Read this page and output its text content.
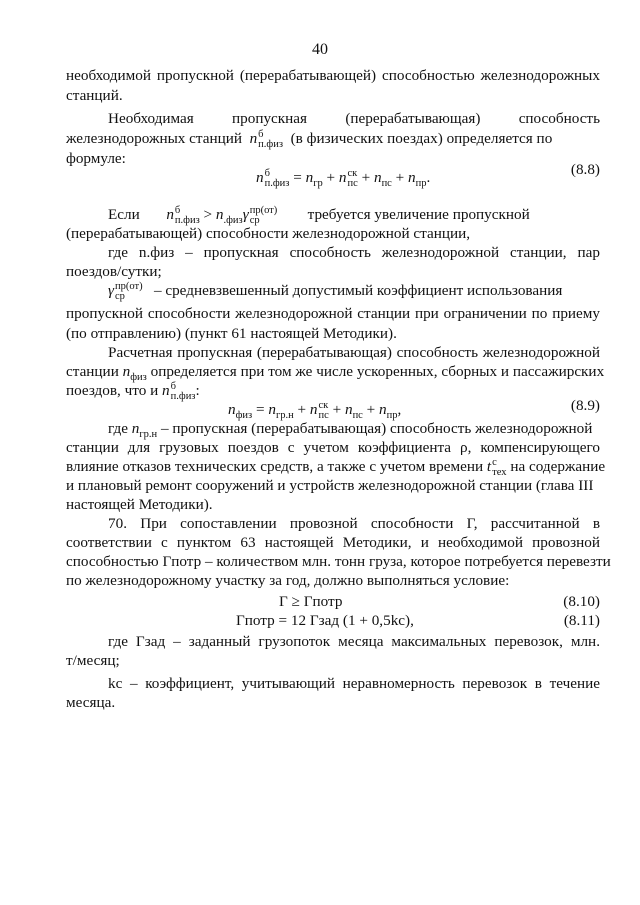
40
необходимой пропускной (перерабатывающей) способностью железнодорожных
станций.
Необходимая пропускная (перерабатывающая) способность
железнодорожных станций n б
п.физ (в физических поездах) определяется по
формуле:
n б
$п.физ = n_{гр} + n$ ск
пс + $n_{пс} + n_{пр}$.	(8.8)
Если n б
$п.физ > n_{.физ}\gamma$ пр(от)
ср	требуется увеличение пропускной
(перерабатывающей) способности железнодорожной станции,
где n.физ – пропускная способность железнодорожной станции, пар
поездов/сутки;
γ пр(от)
ср	– средневзвешенный допустимый коэффициент использования
пропускной способности железнодорожной станции при ограничении по приему
(по отправлению) (пункт 61 настоящей Методики).
Расчетная пропускная (перерабатывающая) способность железнодорожной
станции $n_{физ}$ определяется при том же числе ускоренных, сборных и пассажирских
поездов, что и n б
п.физ :
$n_{физ} = n_{гр.н} + n$ ск
пс + $n_{пс} + n_{пр}$,	(8.9)
где $n_{гр.н}$ – пропускная (перерабатывающая) способность железнодорожной
станции для грузовых поездов с учетом коэффициента ρ, компенсирующего
влияние отказов технических средств, а также с учетом времени t с
тех на содержание
и плановый ремонт сооружений и устройств железнодорожной станции (глава III
настоящей Методики).
70. При сопоставлении провозной способности Г, рассчитанной в
соответствии с пунктом 63 настоящей Методики, и необходимой провозной
способностью Гпотр – количеством млн. тонн груза, которое потребуется перевезти
по железнодорожному участку за год, должно выполняться условие:
Г ≥ Гпотр	(8.10)
Гпотр = 12 Гзад (1 + 0,5kс),	(8.11)
где Гзад – заданный грузопоток месяца максимальных перевозок, млн.
т/месяц;
kс – коэффициент, учитывающий неравномерность перевозок в течение
месяца.
